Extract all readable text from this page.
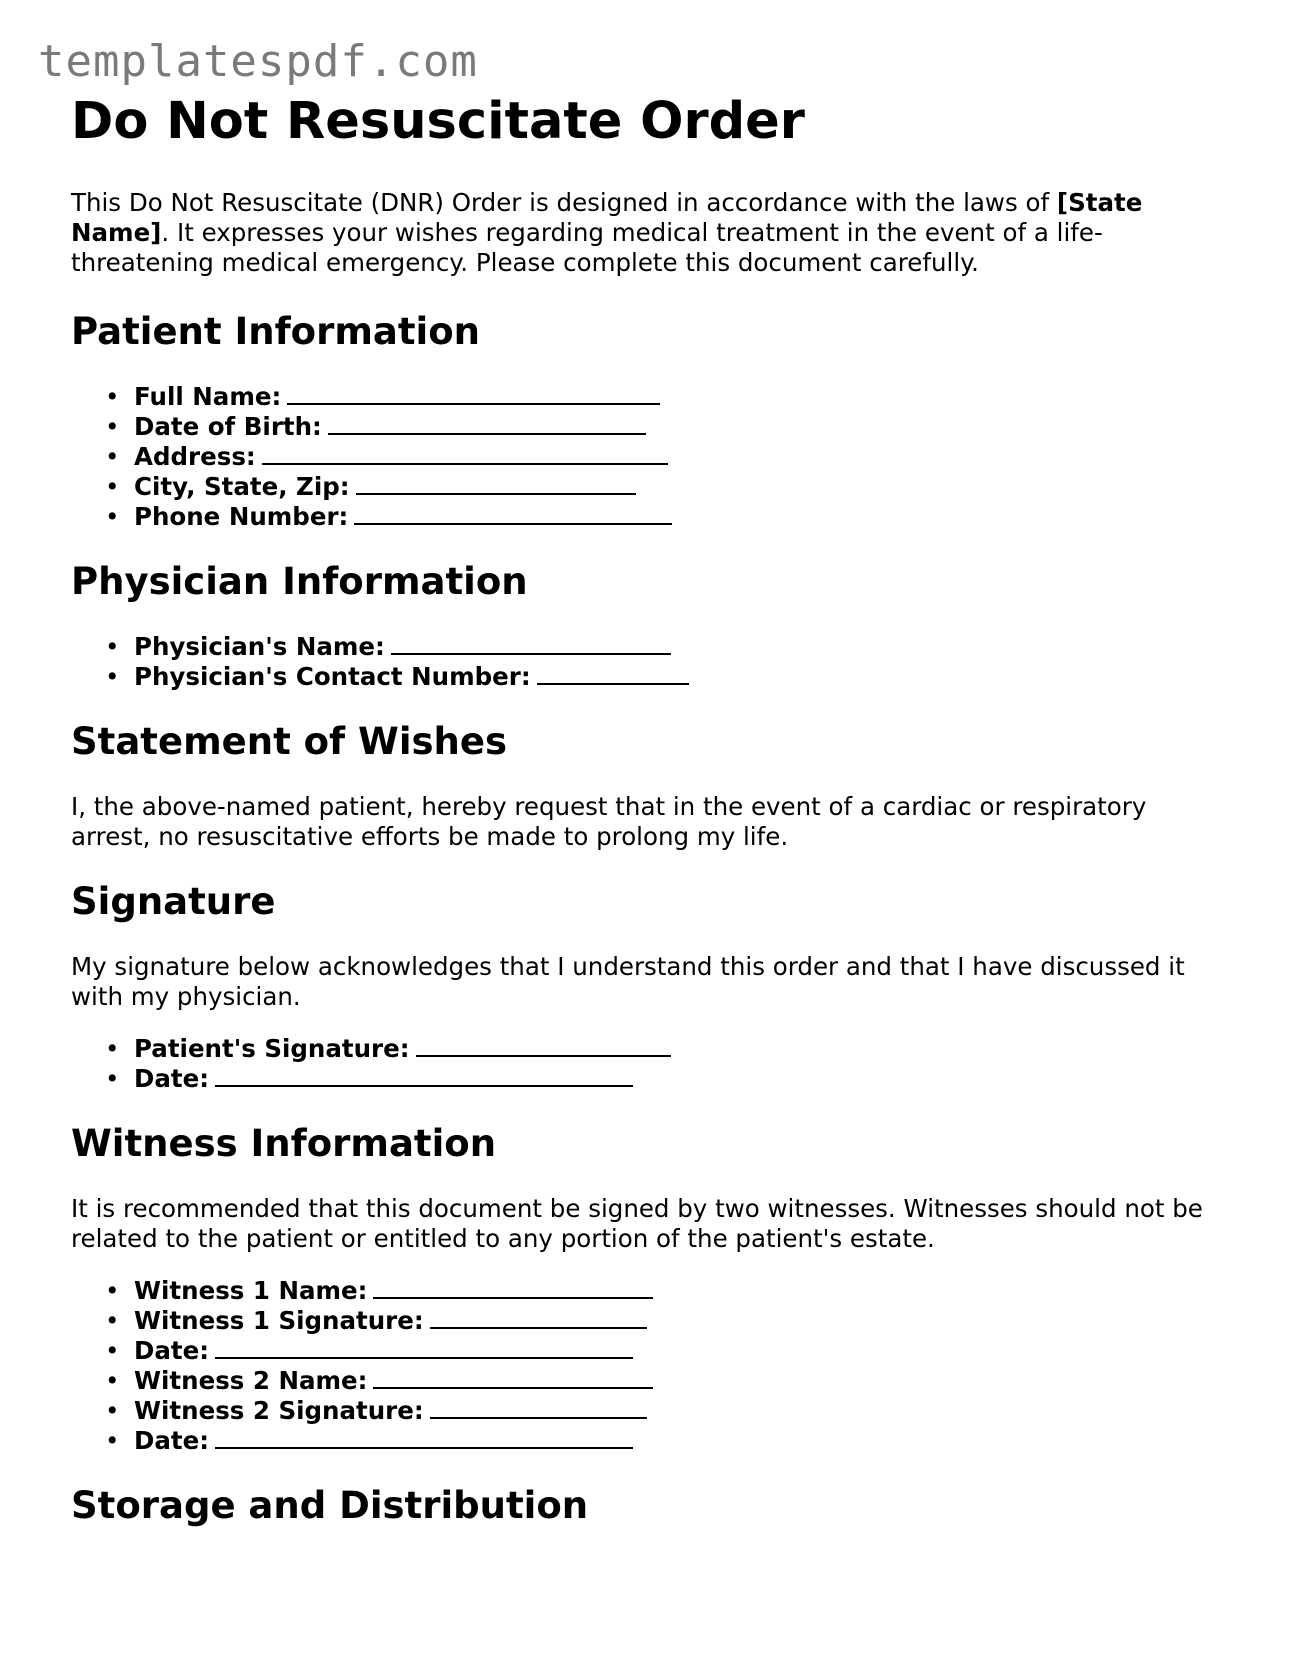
templatespdf.com
Do Not Resuscitate Order

This Do Not Resuscitate (DNR) Order is designed in accordance with the laws of [State Name]. It expresses your wishes regarding medical treatment in the event of a life-threatening medical emergency. Please complete this document carefully.

Patient Information
• Full Name:
• Date of Birth:
• Address:
• City, State, Zip:
• Phone Number:
Physician Information
• Physician's Name:
• Physician's Contact Number:
Statement of Wishes

I, the above-named patient, hereby request that in the event of a cardiac or respiratory arrest, no resuscitative efforts be made to prolong my life.

Signature

My signature below acknowledges that I understand this order and that I have discussed it with my physician.

• Patient's Signature:
• Date:
Witness Information

It is recommended that this document be signed by two witnesses. Witnesses should not be related to the patient or entitled to any portion of the patient's estate.

• Witness 1 Name:
• Witness 1 Signature:
• Date:
• Witness 2 Name:
• Witness 2 Signature:
• Date:
Storage and Distribution
